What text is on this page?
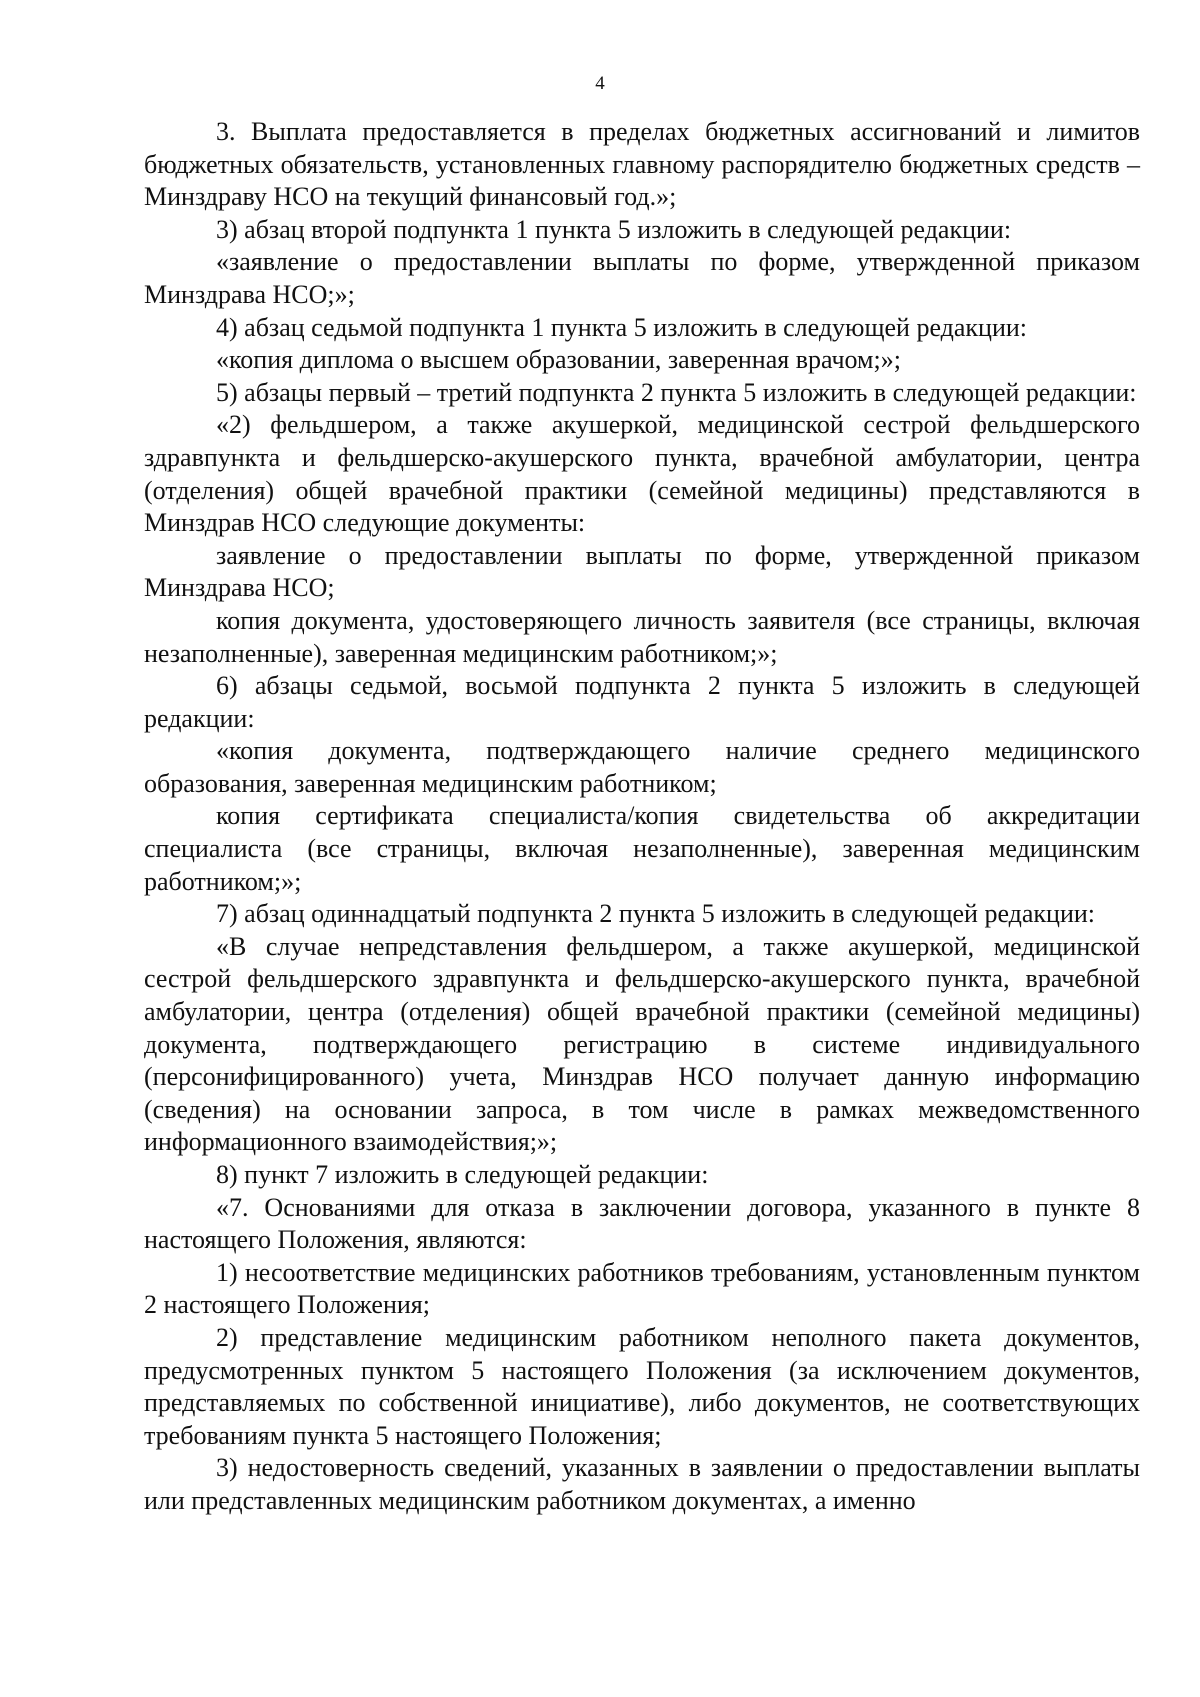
4

3. Выплата предоставляется в пределах бюджетных ассигнований и лимитов бюджетных обязательств, установленных главному распорядителю бюджетных средств – Минздраву НСО на текущий финансовый год.»;

3) абзац второй подпункта 1 пункта 5 изложить в следующей редакции:

«заявление о предоставлении выплаты по форме, утвержденной приказом Минздрава НСО;»;

4) абзац седьмой подпункта 1 пункта 5 изложить в следующей редакции:

«копия диплома о высшем образовании, заверенная врачом;»;

5) абзацы первый – третий подпункта 2 пункта 5 изложить в следующей редакции:

«2) фельдшером, а также акушеркой, медицинской сестрой фельдшерского здравпункта и фельдшерско-акушерского пункта, врачебной амбулатории, центра (отделения) общей врачебной практики (семейной медицины) представляются в Минздрав НСО следующие документы:

заявление о предоставлении выплаты по форме, утвержденной приказом Минздрава НСО;

копия документа, удостоверяющего личность заявителя (все страницы, включая незаполненные), заверенная медицинским работником;»;

6) абзацы седьмой, восьмой подпункта 2 пункта 5 изложить в следующей редакции:

«копия документа, подтверждающего наличие среднего медицинского образования, заверенная медицинским работником;

копия сертификата специалиста/копия свидетельства об аккредитации специалиста (все страницы, включая незаполненные), заверенная медицинским работником;»;

7) абзац одиннадцатый подпункта 2 пункта 5 изложить в следующей редакции:

«В случае непредставления фельдшером, а также акушеркой, медицинской сестрой фельдшерского здравпункта и фельдшерско-акушерского пункта, врачебной амбулатории, центра (отделения) общей врачебной практики (семейной медицины) документа, подтверждающего регистрацию в системе индивидуального (персонифицированного) учета, Минздрав НСО получает данную информацию (сведения) на основании запроса, в том числе в рамках межведомственного информационного взаимодействия;»;

8) пункт 7 изложить в следующей редакции:

«7. Основаниями для отказа в заключении договора, указанного в пункте 8 настоящего Положения, являются:

1) несоответствие медицинских работников требованиям, установленным пунктом 2 настоящего Положения;

2) представление медицинским работником неполного пакета документов, предусмотренных пунктом 5 настоящего Положения (за исключением документов, представляемых по собственной инициативе), либо документов, не соответствующих требованиям пункта 5 настоящего Положения;

3) недостоверность сведений, указанных в заявлении о предоставлении выплаты или представленных медицинским работником документах, а именно
